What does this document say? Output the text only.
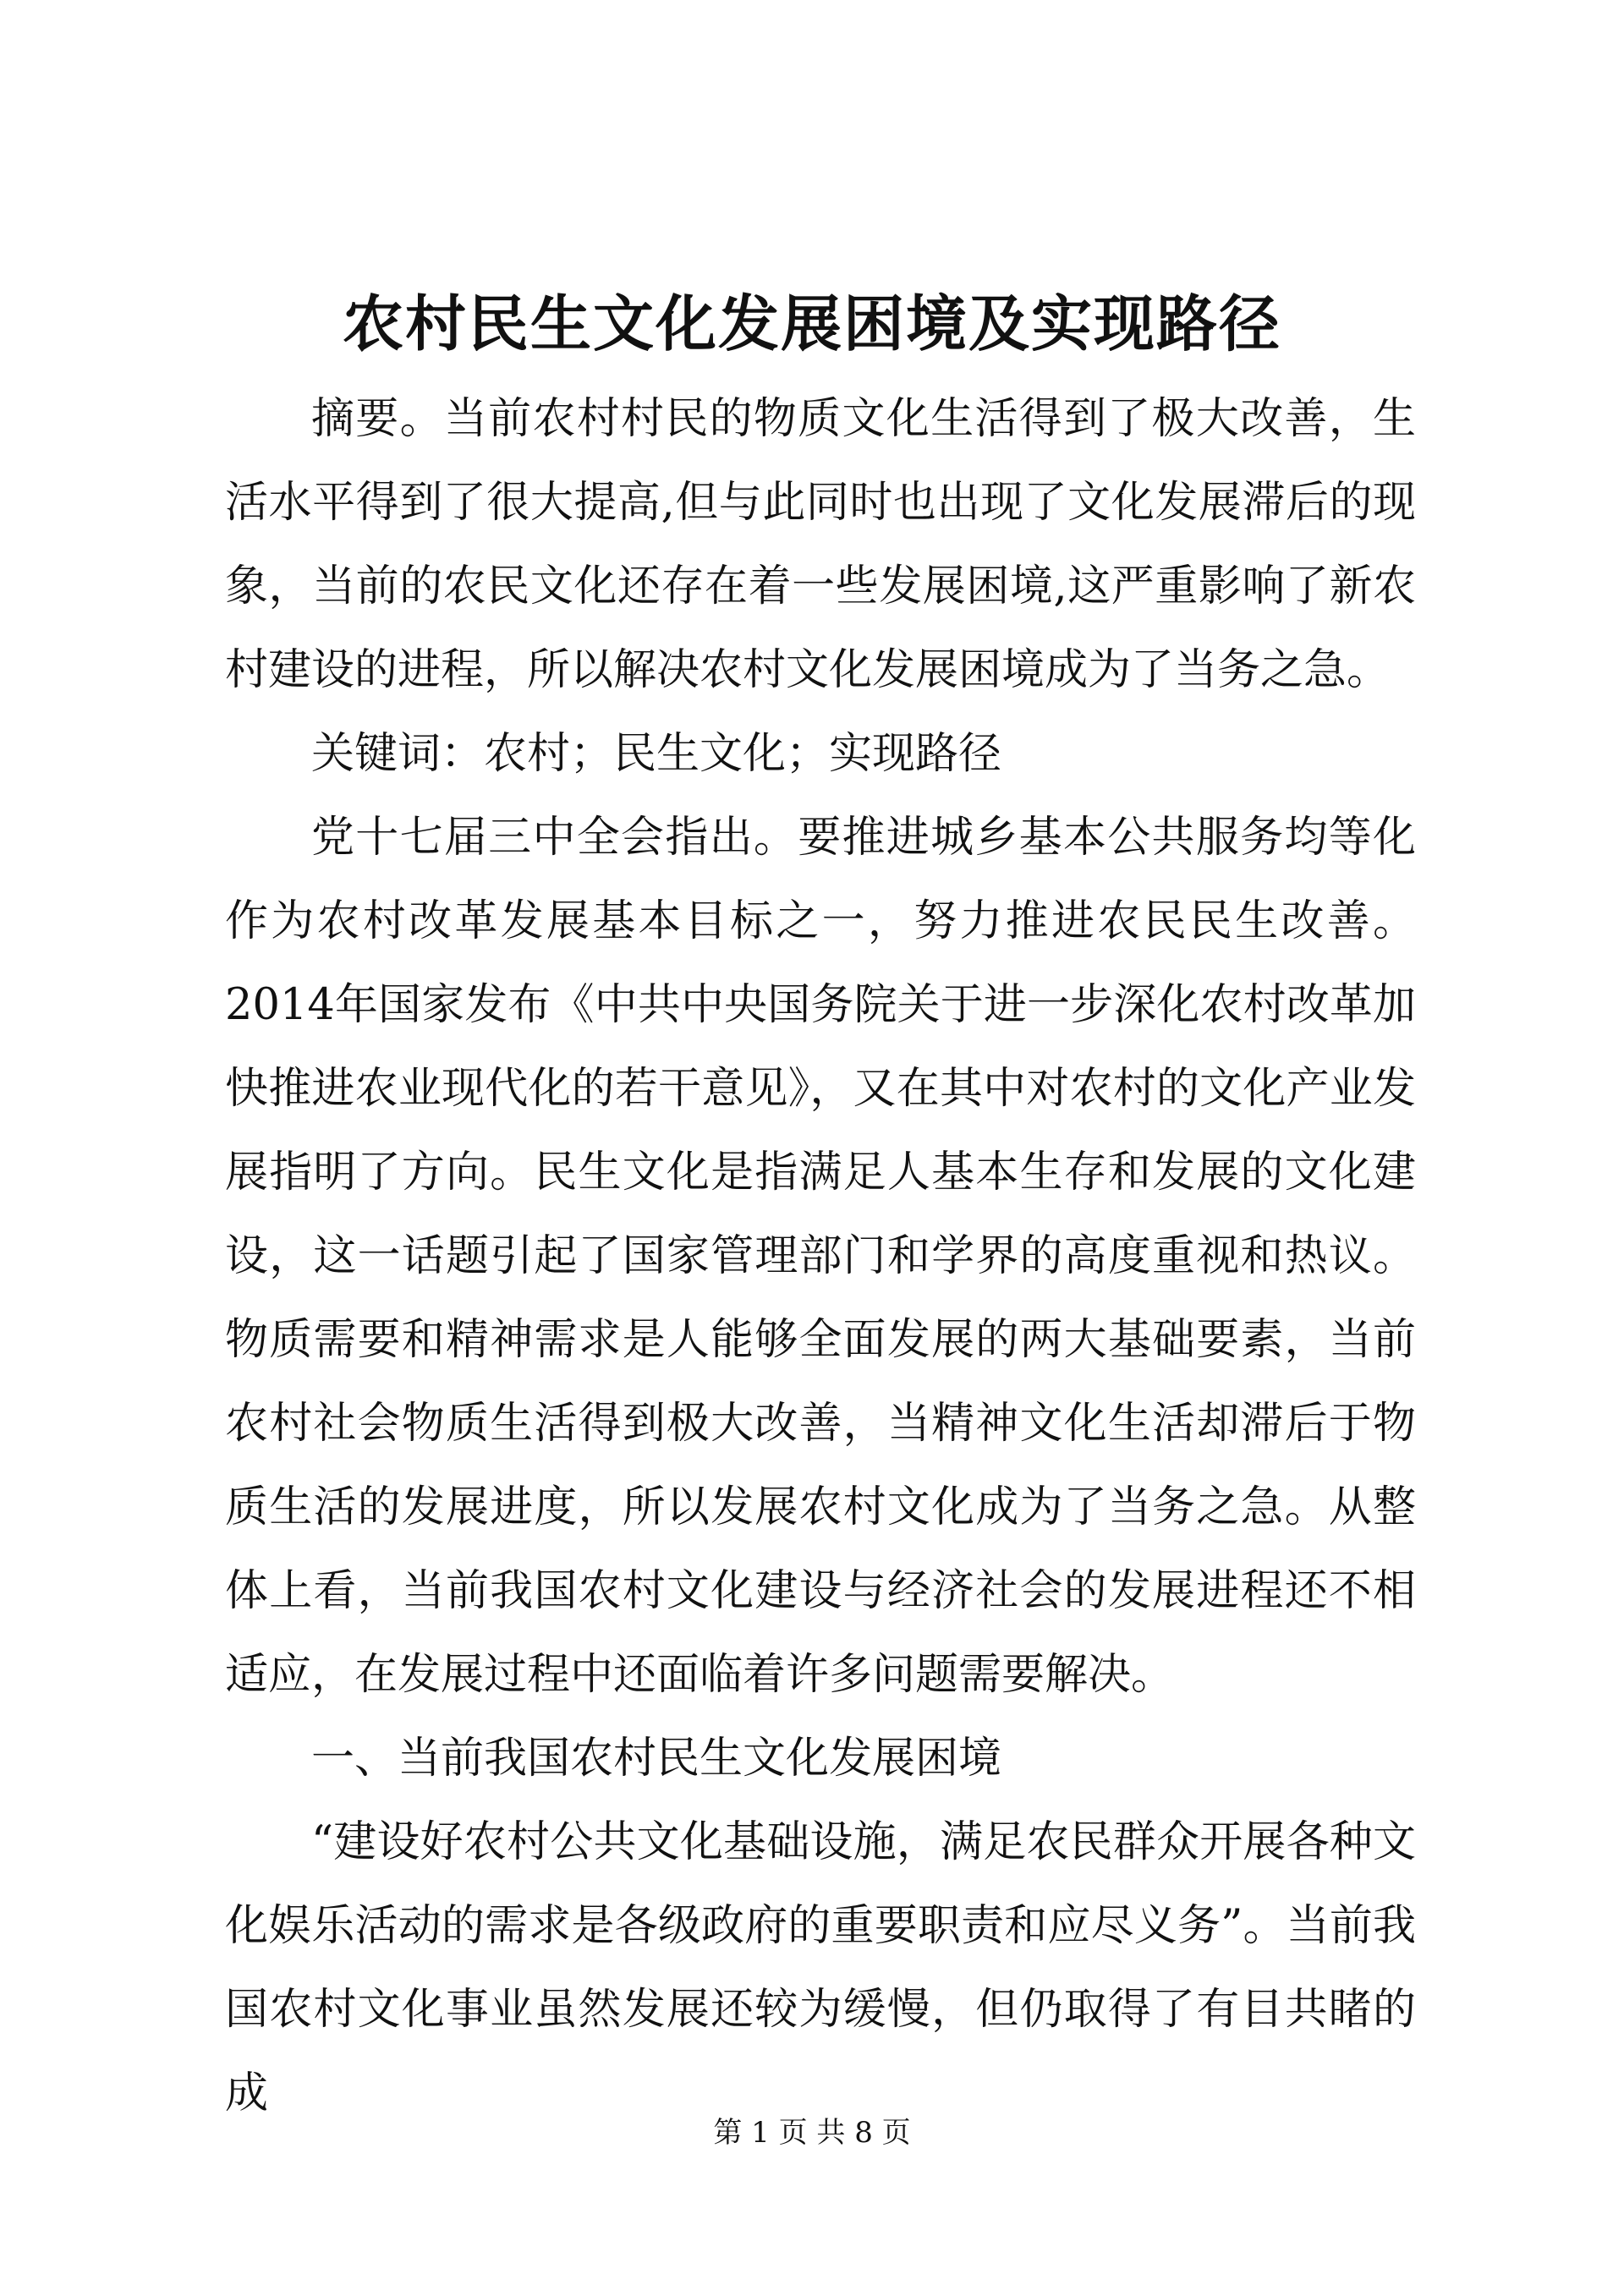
农村民生文化发展困境及实现路径

摘要。当前农村村民的物质文化生活得到了极大改善，生活水平得到了很大提高,但与此同时也出现了文化发展滞后的现象，当前的农民文化还存在着一些发展困境,这严重影响了新农村建设的进程，所以解决农村文化发展困境成为了当务之急。

关键词：农村；民生文化；实现路径

党十七届三中全会指出。要推进城乡基本公共服务均等化作为农村改革发展基本目标之一，努力推进农民民生改善。2014年国家发布《中共中央国务院关于进一步深化农村改革加快推进农业现代化的若干意见》，又在其中对农村的文化产业发展指明了方向。民生文化是指满足人基本生存和发展的文化建设，这一话题引起了国家管理部门和学界的高度重视和热议。物质需要和精神需求是人能够全面发展的两大基础要素，当前农村社会物质生活得到极大改善，当精神文化生活却滞后于物质生活的发展进度，所以发展农村文化成为了当务之急。从整体上看，当前我国农村文化建设与经济社会的发展进程还不相适应，在发展过程中还面临着许多问题需要解决。

一、当前我国农村民生文化发展困境

“建设好农村公共文化基础设施，满足农民群众开展各种文化娱乐活动的需求是各级政府的重要职责和应尽义务”。当前我国农村文化事业虽然发展还较为缓慢，但仍取得了有目共睹的成

第 1 页 共 8 页
